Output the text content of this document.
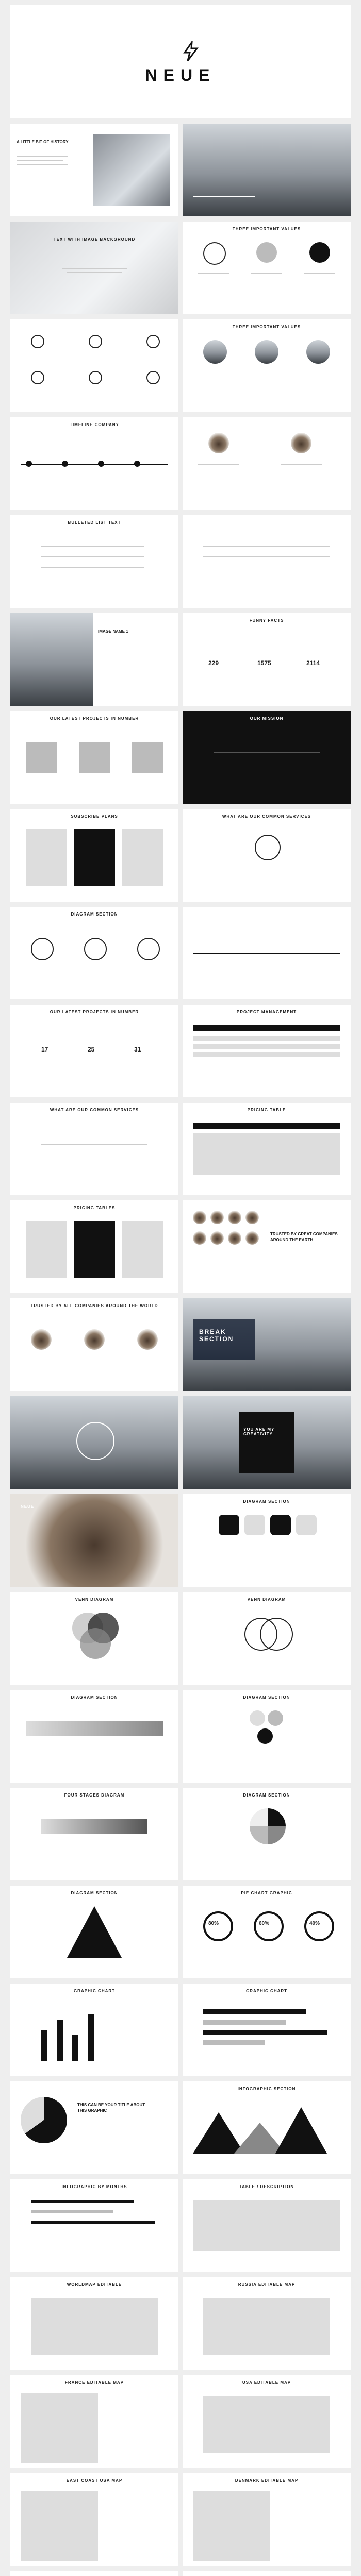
NEUE
A LITTLE BIT OF HISTORY
TEXT WITH IMAGE BACKGROUND
THREE IMPORTANT VALUES
THREE IMPORTANT VALUES
TIMELINE COMPANY
BULLETED LIST TEXT
IMAGE NAME 1
FUNNY FACTS
229	1575	2114
OUR LATEST PROJECTS IN NUMBER	OUR MISSION
SUBSCRIBE PLANS	WHAT ARE OUR COMMON SERVICES
DIAGRAM SECTION
OUR LATEST PROJECTS IN NUMBER
17	25	31
PROJECT MANAGEMENT
WHAT ARE OUR COMMON SERVICES	PRICING TABLE
PRICING TABLES
TRUSTED BY GREAT COMPANIES AROUND THE EARTH
TRUSTED BY ALL COMPANIES AROUND THE WORLD
BREAK SECTION
YOU ARE MY CREATIVITY
NEUE
DIAGRAM SECTION
VENN DIAGRAM	VENN DIAGRAM
DIAGRAM SECTION	DIAGRAM SECTION
FOUR STAGES DIAGRAM	DIAGRAM SECTION
DIAGRAM SECTION	PIE CHART GRAPHIC
80%	60%	40%
GRAPHIC CHART	GRAPHIC CHART
THIS CAN BE YOUR TITLE ABOUT THIS GRAPHIC
INFOGRAPHIC SECTION
INFOGRAPHIC BY MONTHS	TABLE / DESCRIPTION
WORLDMAP EDITABLE	RUSSIA EDITABLE MAP
FRANCE EDITABLE MAP	USA EDITABLE MAP
EAST COAST USA MAP	DENMARK EDITABLE MAP
